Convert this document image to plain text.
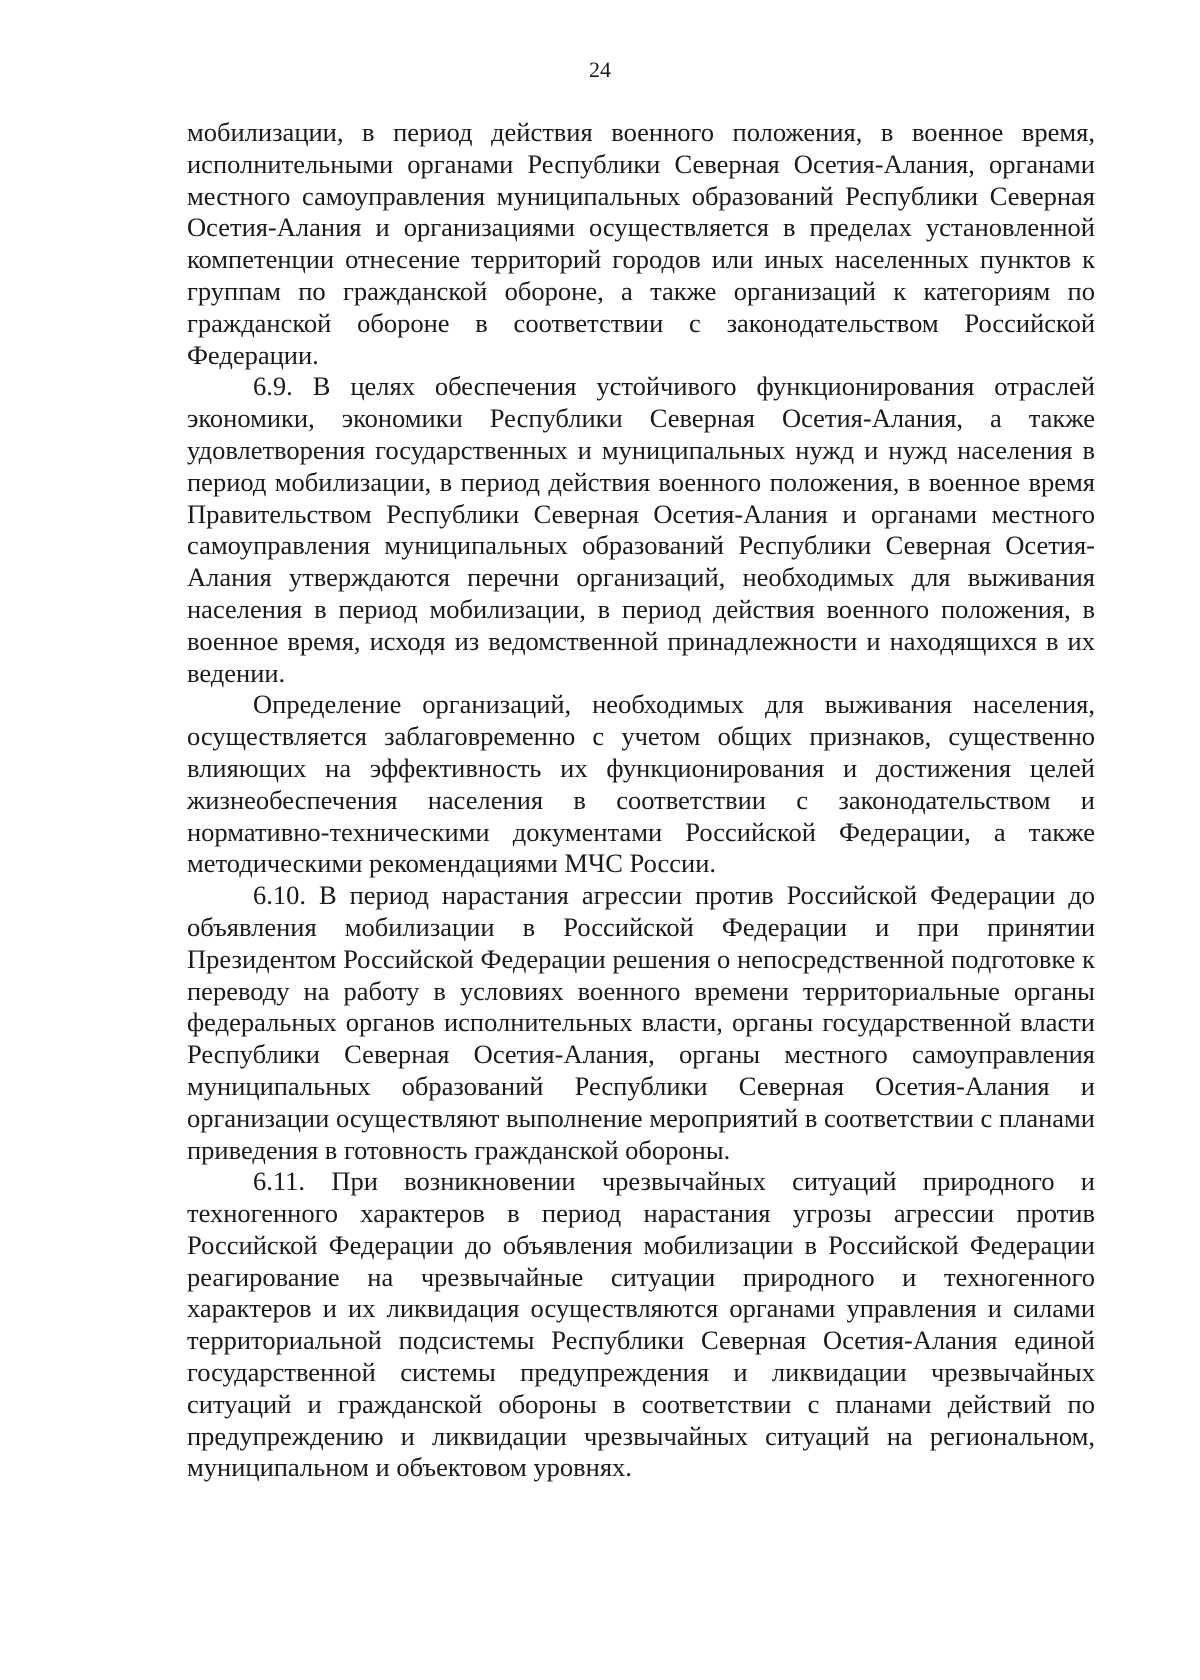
24

мобилизации, в период действия военного положения, в военное время, исполнительными органами Республики Северная Осетия-Алания, органами местного самоуправления муниципальных образований Республики Северная Осетия-Алания и организациями осуществляется в пределах установленной компетенции отнесение территорий городов или иных населенных пунктов к группам по гражданской обороне, а также организаций к категориям по гражданской обороне в соответствии с законодательством Российской Федерации.

6.9. В целях обеспечения устойчивого функционирования отраслей экономики, экономики Республики Северная Осетия-Алания, а также удовлетворения государственных и муниципальных нужд и нужд населения в период мобилизации, в период действия военного положения, в военное время Правительством Республики Северная Осетия-Алания и органами местного самоуправления муниципальных образований Республики Северная Осетия-Алания утверждаются перечни организаций, необходимых для выживания населения в период мобилизации, в период действия военного положения, в военное время, исходя из ведомственной принадлежности и находящихся в их ведении.

Определение организаций, необходимых для выживания населения, осуществляется заблаговременно с учетом общих признаков, существенно влияющих на эффективность их функционирования и достижения целей жизнеобеспечения населения в соответствии с законодательством и нормативно-техническими документами Российской Федерации, а также методическими рекомендациями МЧС России.

6.10. В период нарастания агрессии против Российской Федерации до объявления мобилизации в Российской Федерации и при принятии Президентом Российской Федерации решения о непосредственной подготовке к переводу на работу в условиях военного времени территориальные органы федеральных органов исполнительных власти, органы государственной власти Республики Северная Осетия-Алания, органы местного самоуправления муниципальных образований Республики Северная Осетия-Алания и организации осуществляют выполнение мероприятий в соответствии с планами приведения в готовность гражданской обороны.

6.11. При возникновении чрезвычайных ситуаций природного и техногенного характеров в период нарастания угрозы агрессии против Российской Федерации до объявления мобилизации в Российской Федерации реагирование на чрезвычайные ситуации природного и техногенного характеров и их ликвидация осуществляются органами управления и силами территориальной подсистемы Республики Северная Осетия-Алания единой государственной системы предупреждения и ликвидации чрезвычайных ситуаций и гражданской обороны в соответствии с планами действий по предупреждению и ликвидации чрезвычайных ситуаций на региональном, муниципальном и объектовом уровнях.
